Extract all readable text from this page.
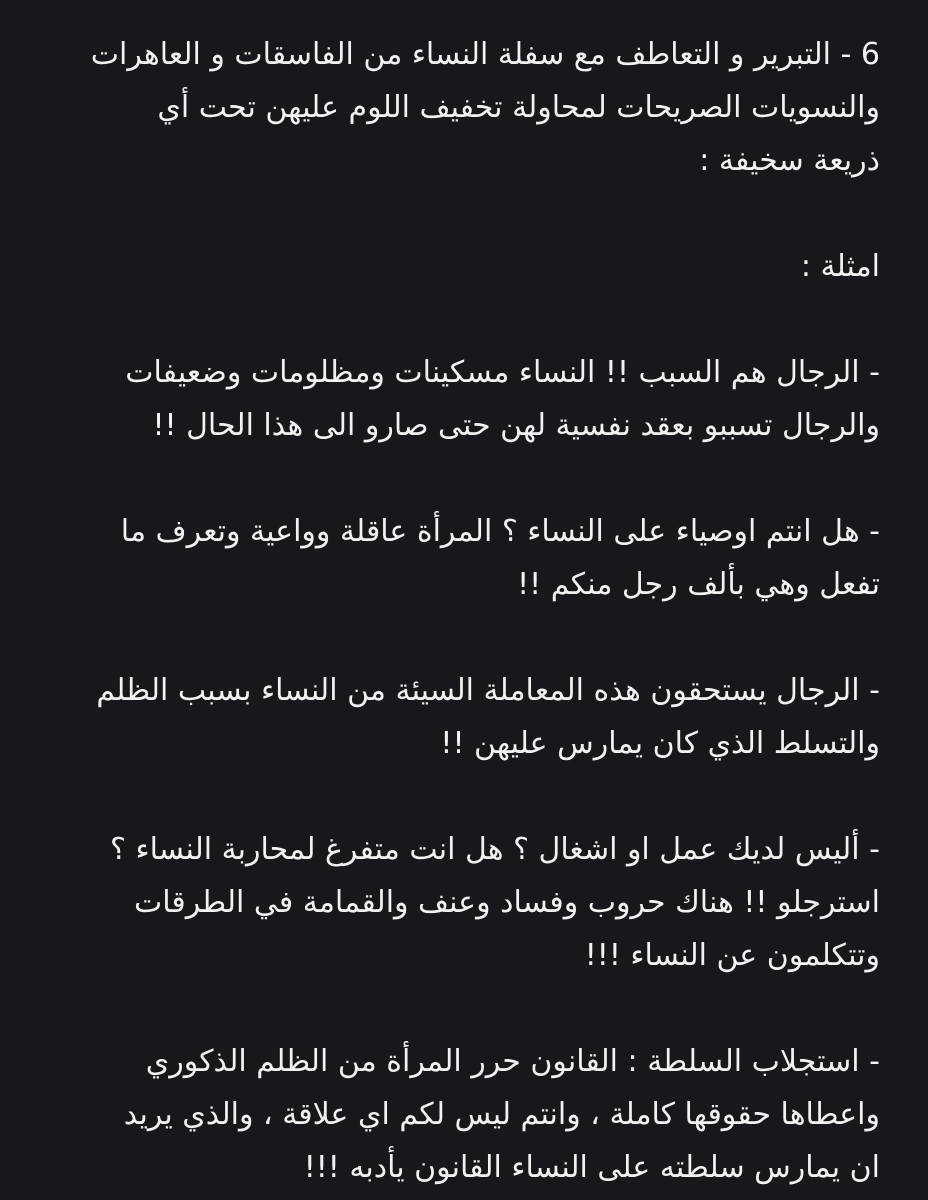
6 - التبرير و التعاطف مع سفلة النساء من الفاسقات و العاهرات
والنسويات الصريحات لمحاولة تخفيف اللوم عليهن تحت أي
ذريعة سخيفة :

امثلة :

- الرجال هم السبب !! النساء مسكينات ومظلومات وضعيفات
والرجال تسببو بعقد نفسية لهن حتى صارو الى هذا الحال !!

- هل انتم اوصياء على النساء ؟ المرأة عاقلة وواعية وتعرف ما
تفعل وهي بألف رجل منكم !!

- الرجال يستحقون هذه المعاملة السيئة من النساء بسبب الظلم
والتسلط الذي كان يمارس عليهن !!

- أليس لديك عمل او اشغال ؟ هل انت متفرغ لمحاربة النساء ؟
استرجلو !! هناك حروب وفساد وعنف والقمامة في الطرقات
وتتكلمون عن النساء !!!

- استجلاب السلطة : القانون حرر المرأة من الظلم الذكوري
واعطاها حقوقها كاملة ، وانتم ليس لكم اي علاقة ، والذي يريد
ان يمارس سلطته على النساء القانون يأدبه !!!
